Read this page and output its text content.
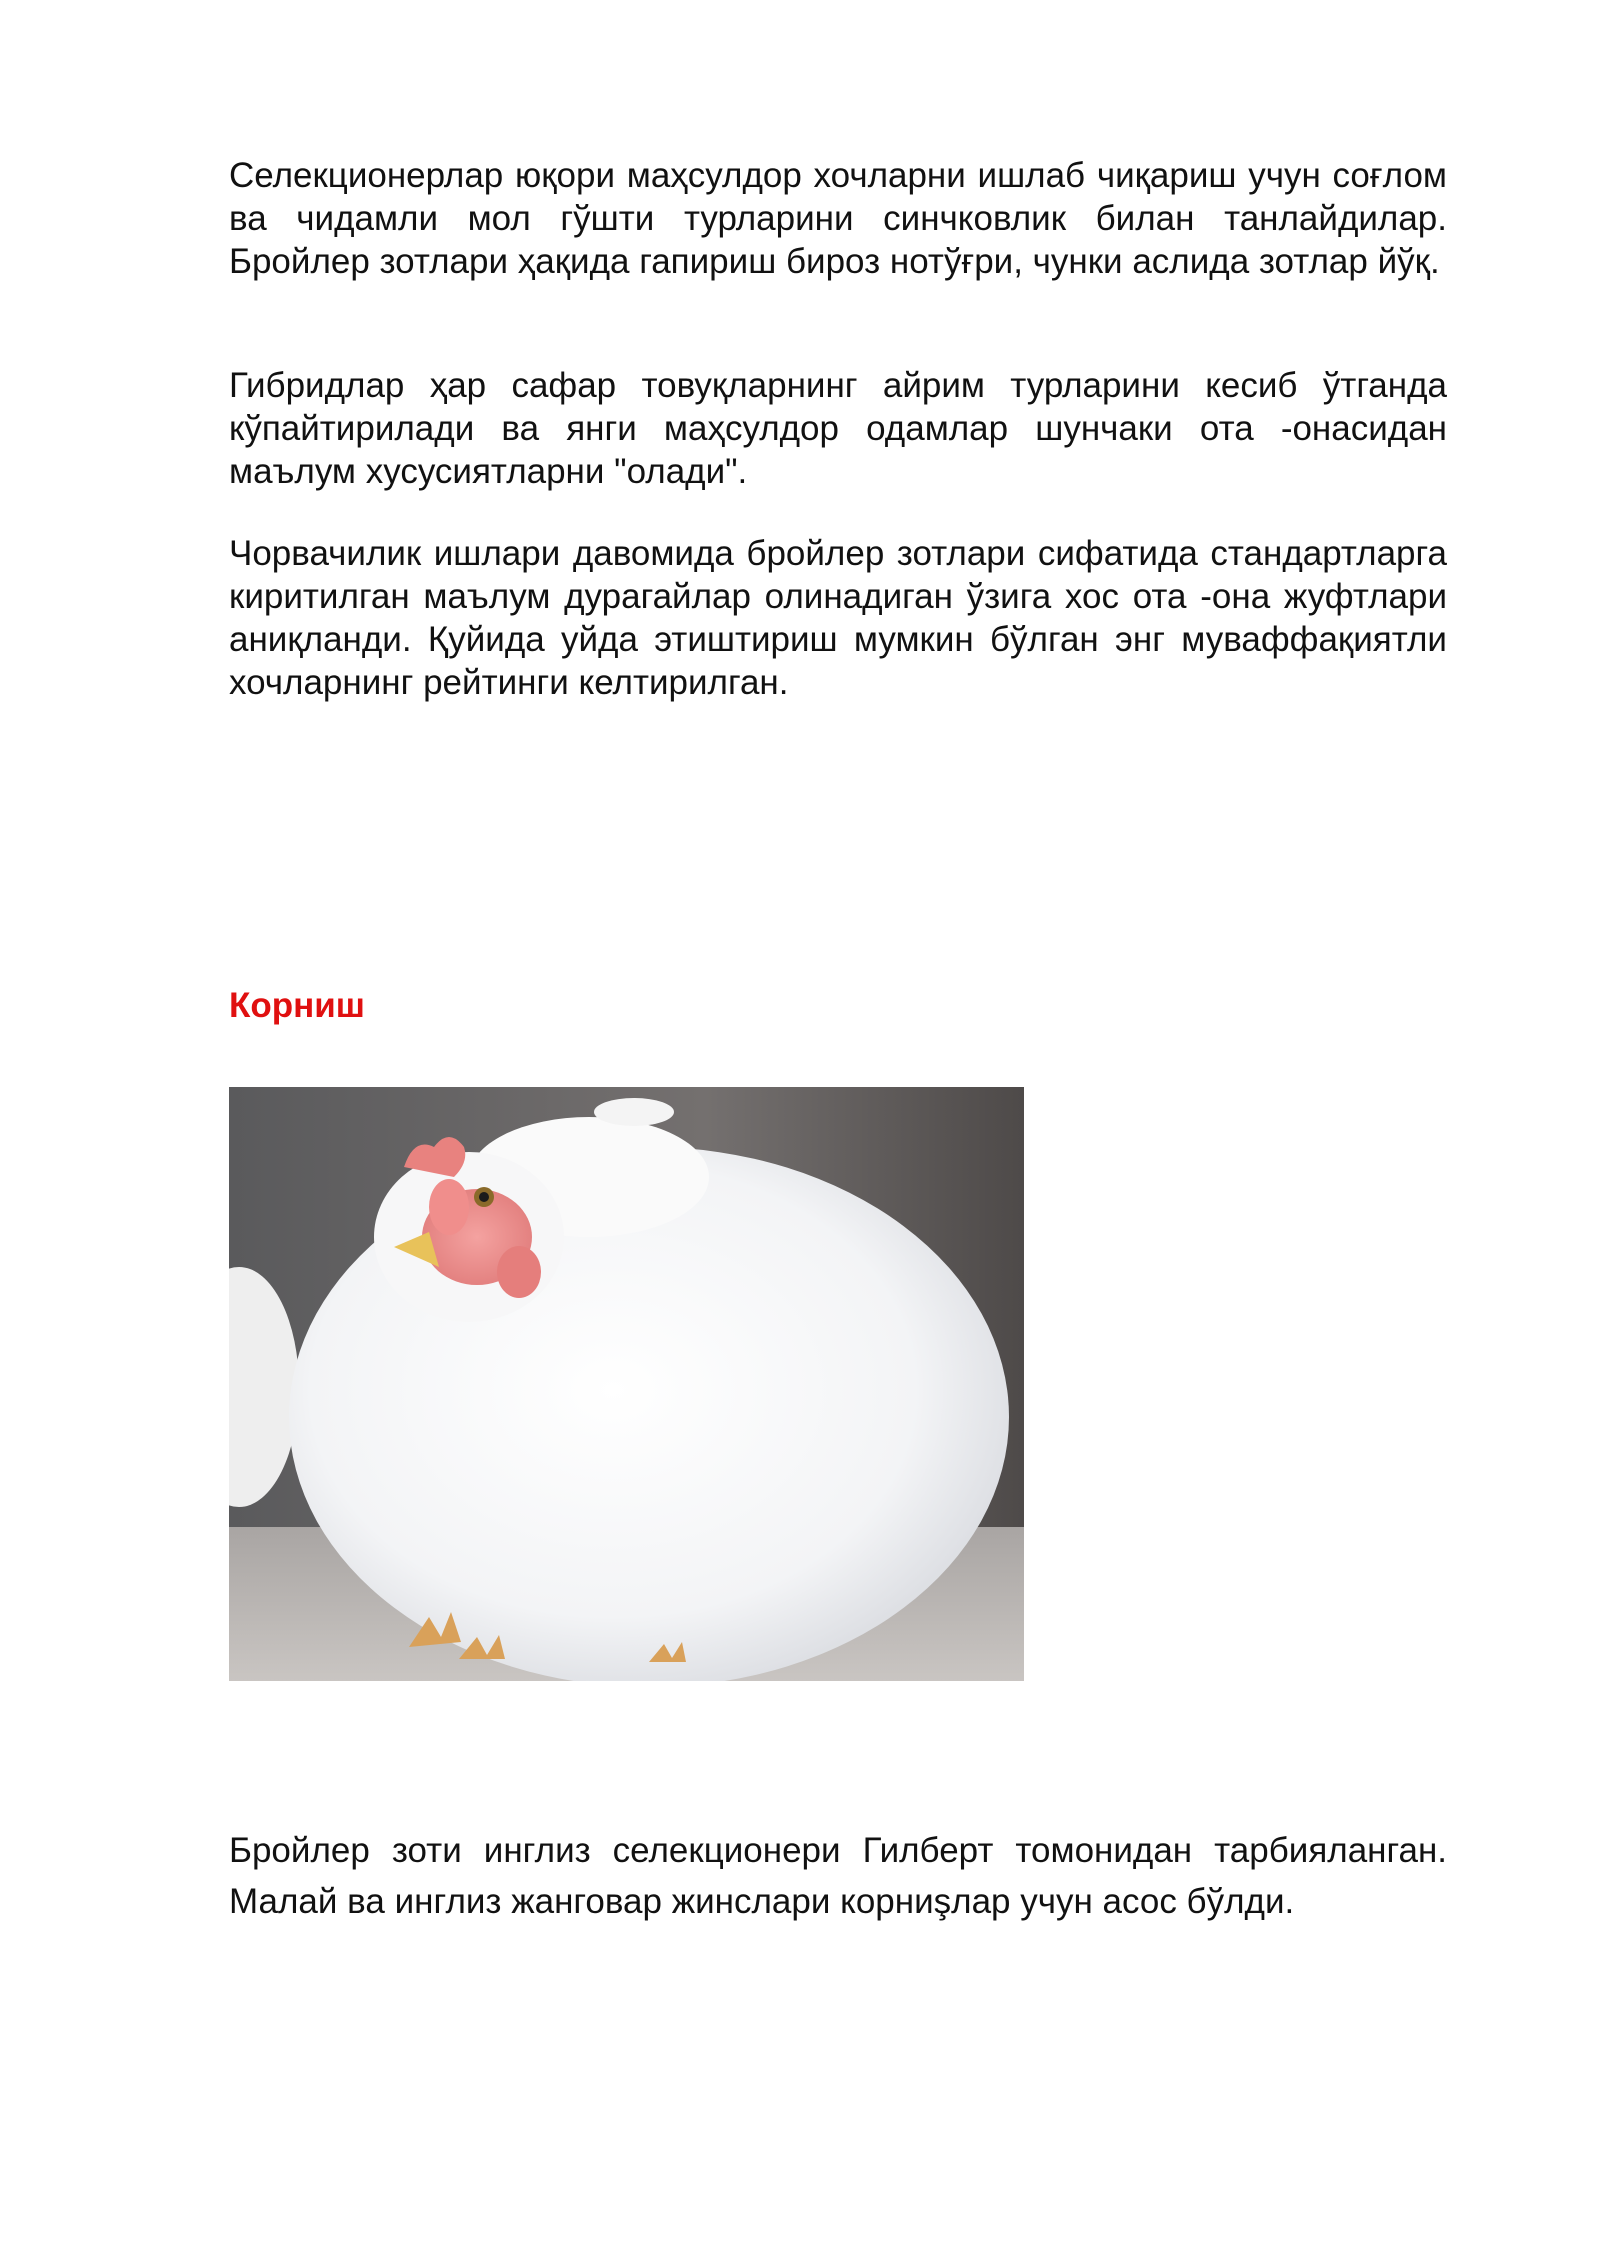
Селекционерлар юқори маҳсулдор хочларни ишлаб чиқариш учун соғлом ва чидамли мол гўшти турларини синчковлик билан танлайдилар. Бройлер зотлари ҳақида гапириш бироз нотўғри, чунки аслида зотлар йўқ.

Гибридлар ҳар сафар товуқларнинг айрим турларини кесиб ўтганда кўпайтирилади ва янги маҳсулдор одамлар шунчаки ота -онасидан маълум хусусиятларни "олади".

Чорвачилик ишлари давомида бройлер зотлари сифатида стандартларга киритилган маълум дурагайлар олинадиган ўзига хос ота -она жуфтлари аниқланди. Қуйида уйда этиштириш мумкин бўлган энг муваффақиятли хочларнинг рейтинги келтирилган.

Корниш

Бройлер зоти инглиз селекционери Гилберт томонидан тарбияланган. Малай ва инглиз жанговар жинслари корниşлар учун асос бўлди.
